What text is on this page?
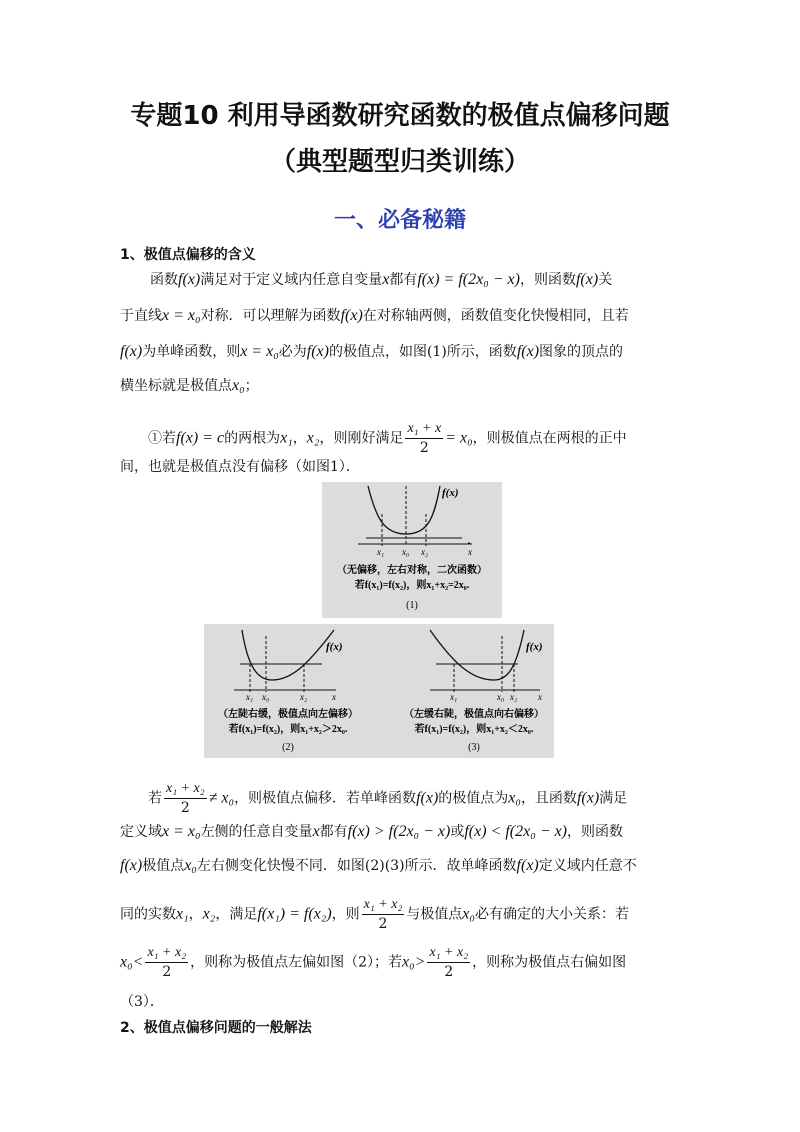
专题10 利用导函数研究函数的极值点偏移问题
（典型题型归类训练）
一、必备秘籍
1、极值点偏移的含义
函数f(x)满足对于定义域内任意自变量x都有f(x) = f(2x₀ − x)，则函数f(x)关
于直线x = x₀对称．可以理解为函数f(x)在对称轴两侧，函数值变化快慢相同，且若
f(x)为单峰函数，则x = x₀必为f(x)的极值点，如图(1)所示，函数f(x)图象的顶点的
横坐标就是极值点x₀；
①若f(x) = c的两根为x₁，x₂，则刚好满足 $\frac{\text{x₁ + x}}{2} = x_0$，则极值点在两根的正中
间，也就是极值点没有偏移（如图1）．
f(x)
x₁ x₀ x₂	x
（无偏移，左右对称，二次函数）
若f(x₁)=f(x₂)，则x₁+x₂=2x₀.
(1)
f(x)
x₁ x₀	x₂	x
（左陡右缓，极值点向左偏移）
若f(x₁)=f(x₂)，则x₁+x₂＞2x₀.
(2)
f(x)
x₁	x₀ x₂ x
（左缓右陡，极值点向右偏移）
若f(x₁)=f(x₂)，则x₁+x₂＜2x₀.
(3)
若 $\frac{\text{x₁ + x₂}}{2} \ne x_0$，则极值点偏移．若单峰函数f(x)的极值点为x₀，且函数f(x)满足
定义域x = x₀左侧的任意自变量x都有f(x) > f(2x₀ − x)或f(x) < f(2x₀ − x)，则函数
f(x)极值点x₀左右侧变化快慢不同．如图(2)(3)所示．故单峰函数f(x)定义域内任意不
同的实数x₁，x₂，满足f(x₁) = f(x₂)，则 $\frac{\text{x₁ + x₂}}{2}$ 与极值点x₀必有确定的大小关系：若
$x_0< \frac{\text{x₁ + x₂}}{2}$ ，则称为极值点左偏如图（2）；若$x_0> \frac{\text{x₁ + x₂}}{2}$ ，则称为极值点右偏如图
（3）．
2、极值点偏移问题的一般解法
